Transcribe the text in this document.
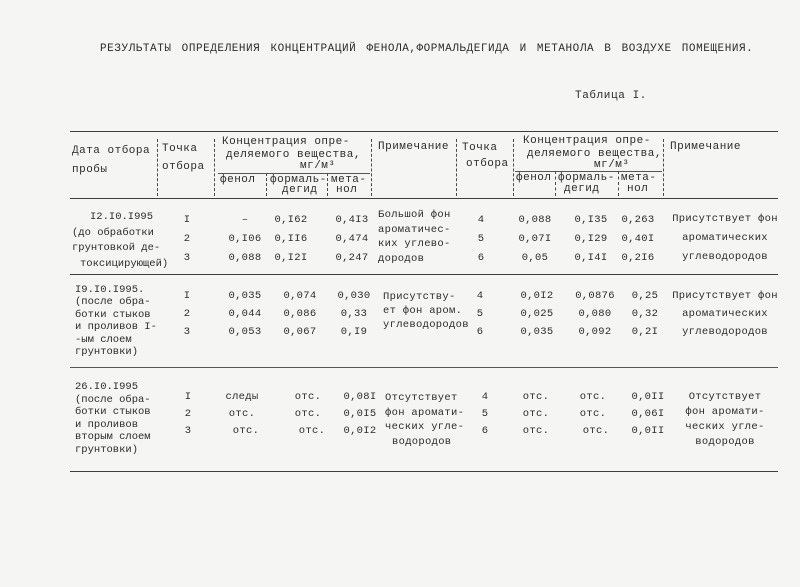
РЕЗУЛЬТАТЫ ОПРЕДЕЛЕНИЯ КОНЦЕНТРАЦИЙ ФЕНОЛА,ФОРМАЛЬДЕГИДА И МЕТАНОЛА В ВОЗДУХЕ ПОМЕЩЕНИЯ.
Таблица I.
Дата отбора
пробы
Точка
отбора
Концентрация опре-
деляемого вещества,
мг/м³
фенол формаль-
дегид
мета-
нол
Примечание Точка
отбора
Концентрация опре-
деляемого вещества,
мг/м³
фенол формаль-
дегид
мета-
нол
Примечание
I2.I0.I995
(до обработки
грунтовкой де-
токсицирующей)
I
2
3
–
0,I06
0,088
0,I62
0,II6
0,I2I
0,4I3
0,474
0,247
Большой фон
ароматичес-
ких углево-
дородов
4
5
6
0,088
0,07I
0,05
0,I35
0,I29
0,I4I
0,263
0,40I
0,2I6
Присутствует фон
ароматических
углеводородов
I9.I0.I995.
(после обра-
ботки стыков
и проливов I-
-ым слоем
грунтовки)
I
2
3
0,035
0,044
0,053
0,074
0,086
0,067
0,030
0,33
0,I9
Присутству-
ет фон аром.
углеводородов
4
5
6
0,0I2
0,025
0,035
0,0876
0,080
0,092
0,25
0,32
0,2I
Присутствует фон
ароматических
углеводородов
26.I0.I995
(после обра-
ботки стыков
и проливов
вторым слоем
грунтовки)
I
2
3
следы
отс.
отс.
отс.
отс.
отс.
0,08I
0,0I5
0,0I2
Отсутствует
фон аромати-
ческих угле-
водородов
4
5
6
отс.
отс.
отс.
отс.
отс.
отс.
0,0II
0,06I
0,0II
Отсутствует
фон аромати-
ческих угле-
водородов
